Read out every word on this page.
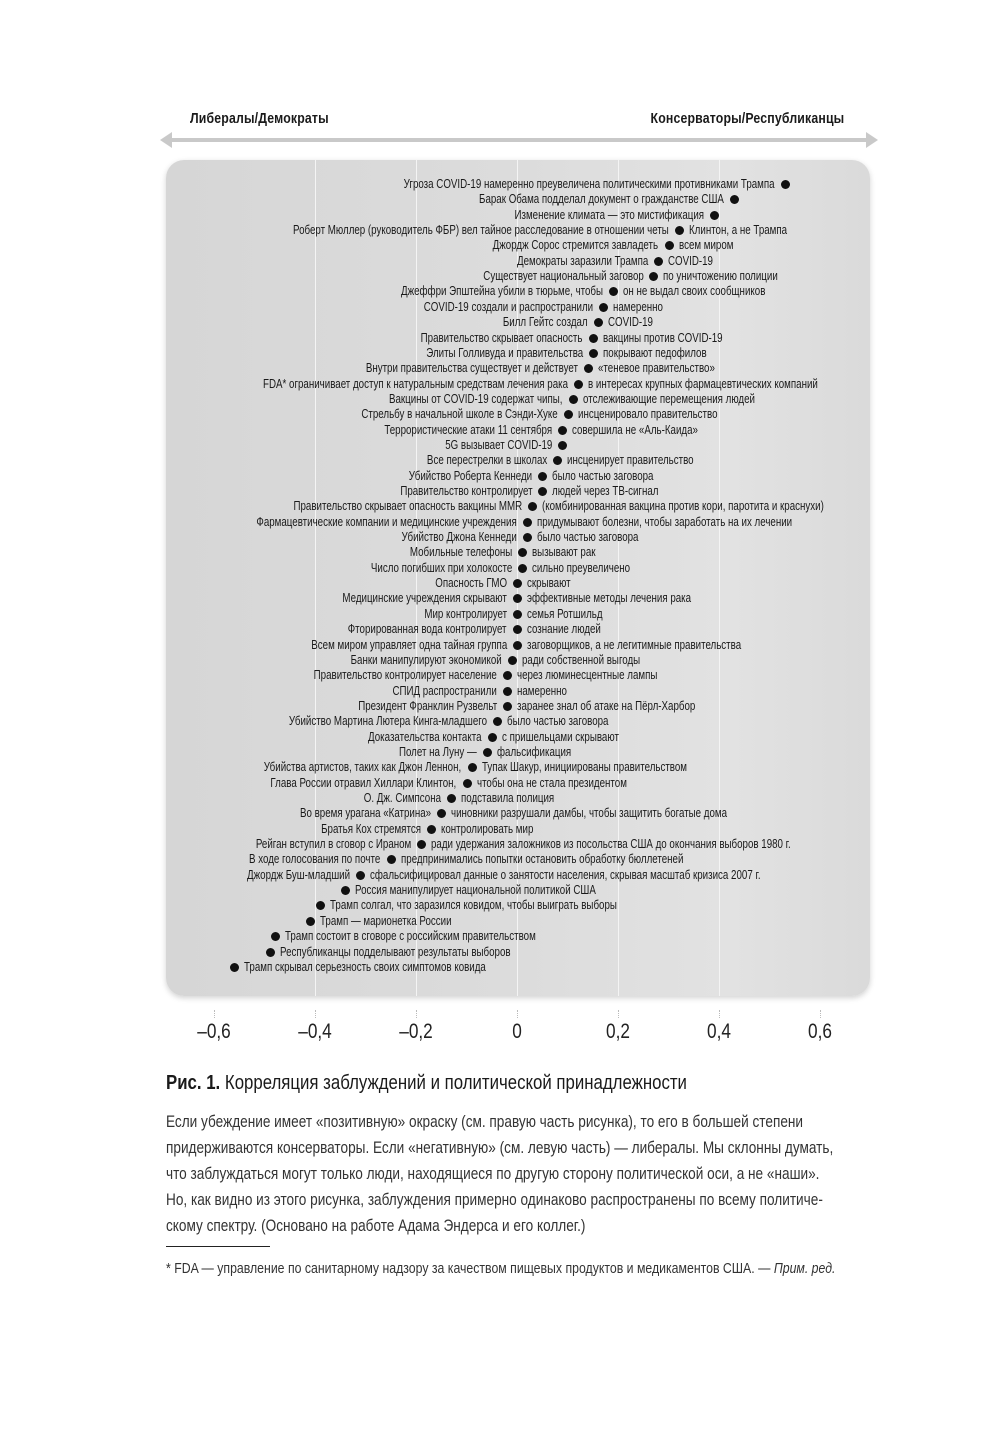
Либералы/Демократы	Консерваторы/Республиканцы
Угроза COVID-19 намеренно преувеличена политическими противниками Трампа
Барак Обама подделал документ о гражданстве США
Изменение климата — это мистификация
Роберт Мюллер (руководитель ФБР) вел тайное расследование в отношении четы Клинтон, а не Трампа
Джордж Сорос стремится завладеть всем миром
Демократы заразили Трампа COVID-19
Существует национальный заговор по уничтожению полиции
Джеффри Эпштейна убили в тюрьме, чтобы он не выдал своих сообщников
COVID-19 создали и распространили намеренно
Билл Гейтс создал COVID-19
Правительство скрывает опасность вакцины против COVID-19
Элиты Голливуда и правительства покрывают педофилов
Внутри правительства существует и действует «теневое правительство»
FDA* ограничивает доступ к натуральным средствам лечения рака в интересах крупных фармацевтических компаний
Вакцины от COVID-19 содержат чипы, отслеживающие перемещения людей
Стрельбу в начальной школе в Сэнди-Хуке инсценировало правительство
Террористические атаки 11 сентября совершила не «Аль-Каида»
5G вызывает COVID-19
Все перестрелки в школах инсценирует правительство
Убийство Роберта Кеннеди было частью заговора
Правительство контролирует людей через ТВ-сигнал
Правительство скрывает опасность вакцины MMR (комбинированная вакцина против кори, паротита и краснухи)
Фармацевтические компании и медицинские учреждения придумывают болезни, чтобы заработать на их лечении
Убийство Джона Кеннеди было частью заговора
Мобильные телефоны вызывают рак
Число погибших при холокосте сильно преувеличено
Опасность ГМО скрывают
Медицинские учреждения скрывают эффективные методы лечения рака
Мир контролирует семья Ротшильд
Фторированная вода контролирует сознание людей
Всем миром управляет одна тайная группа заговорщиков, а не легитимные правительства
Банки манипулируют экономикой ради собственной выгоды
Правительство контролирует население через люминесцентные лампы
СПИД распространили намеренно
Президент Франклин Рузвельт заранее знал об атаке на Пёрл-Харбор
Убийство Мартина Лютера Кинга-младшего было частью заговора
Доказательства контакта с пришельцами скрывают
Полет на Луну — фальсификация
Убийства артистов, таких как Джон Леннон, Тупак Шакур, инициированы правительством
Глава России отравил Хиллари Клинтон, чтобы она не стала президентом
О. Дж. Симпсона подставила полиция
Во время урагана «Катрина» чиновники разрушали дамбы, чтобы защитить богатые дома
Братья Кох стремятся контролировать мир
Рейган вступил в сговор с Ираном ради удержания заложников из посольства США до окончания выборов 1980 г.
В ходе голосования по почте предпринимались попытки остановить обработку бюллетеней
Джордж Буш-младший сфальсифицировал данные о занятости населения, скрывая масштаб кризиса 2007 г.
Россия манипулирует национальной политикой США
Трамп солгал, что заразился ковидом, чтобы выиграть выборы
Трамп — марионетка России
Трамп состоит в сговоре с российским правительством
Республиканцы подделывают результаты выборов
Трамп скрывал серьезность своих симптомов ковида
–0,6	–0,4	–0,2	0	0,2	0,4	0,6
Рис. 1. Корреляция заблуждений и политической принадлежности
Если убеждение имеет «позитивную» окраску (см. правую часть рисунка), то его в большей степени
придерживаются консерваторы. Если «негативную» (см. левую часть) — либералы. Мы склонны думать,
что заблуждаться могут только люди, находящиеся по другую сторону политической оси, а не «наши».
Но, как видно из этого рисунка, заблуждения примерно одинаково распространены по всему политиче-
скому спектру. (Основано на работе Адама Эндерса и его коллег.)
* FDA — управление по санитарному надзору за качеством пищевых продуктов и медикаментов США. — Прим. ред.
